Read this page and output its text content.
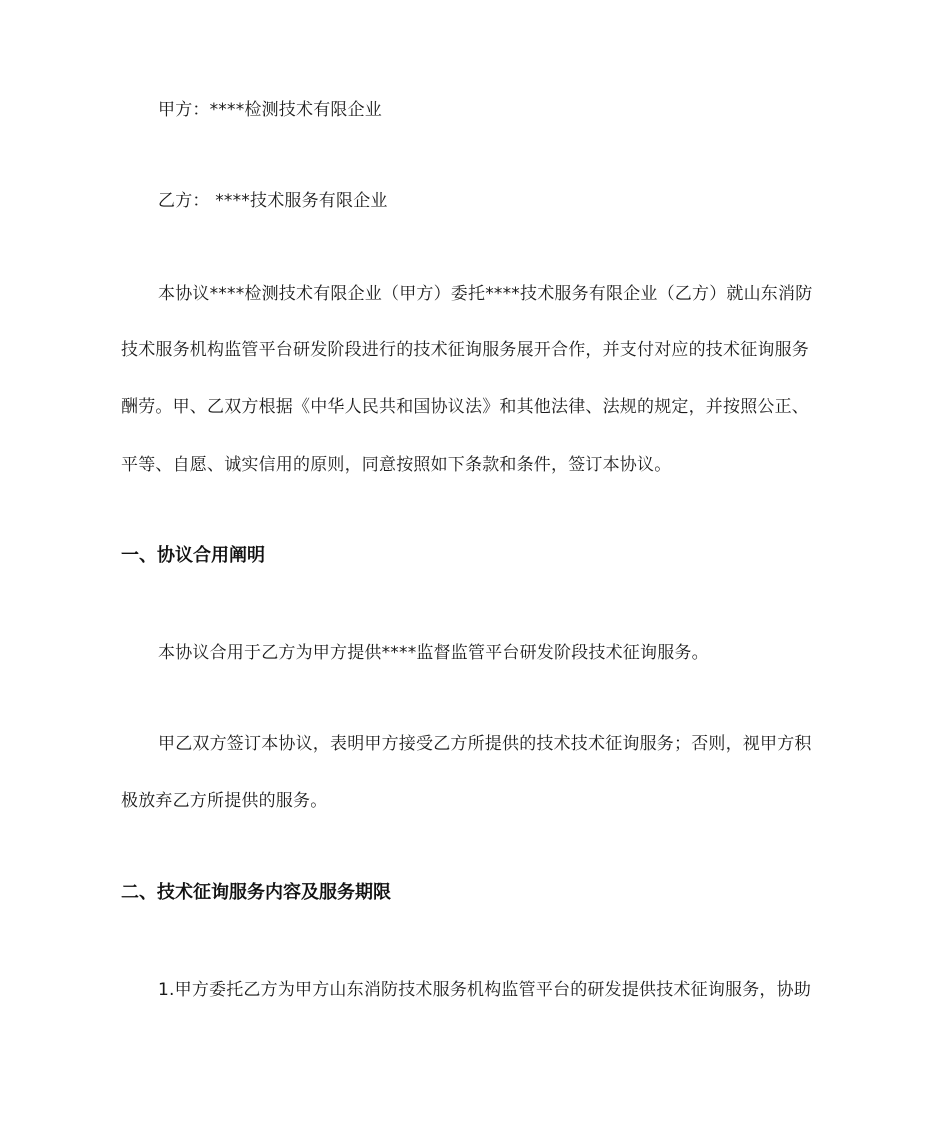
甲方：****检测技术有限企业
乙方： ****技术服务有限企业
本协议****检测技术有限企业（甲方）委托****技术服务有限企业（乙方）就山东消防
技术服务机构监管平台研发阶段进行的技术征询服务展开合作，并支付对应的技术征询服务
酬劳。甲、乙双方根据《中华人民共和国协议法》和其他法律、法规的规定，并按照公正、
平等、自愿、诚实信用的原则，同意按照如下条款和条件，签订本协议。
一、协议合用阐明
本协议合用于乙方为甲方提供****监督监管平台研发阶段技术征询服务。
甲乙双方签订本协议，表明甲方接受乙方所提供的技术技术征询服务；否则，视甲方积
极放弃乙方所提供的服务。
二、技术征询服务内容及服务期限
1.甲方委托乙方为甲方山东消防技术服务机构监管平台的研发提供技术征询服务，协助
